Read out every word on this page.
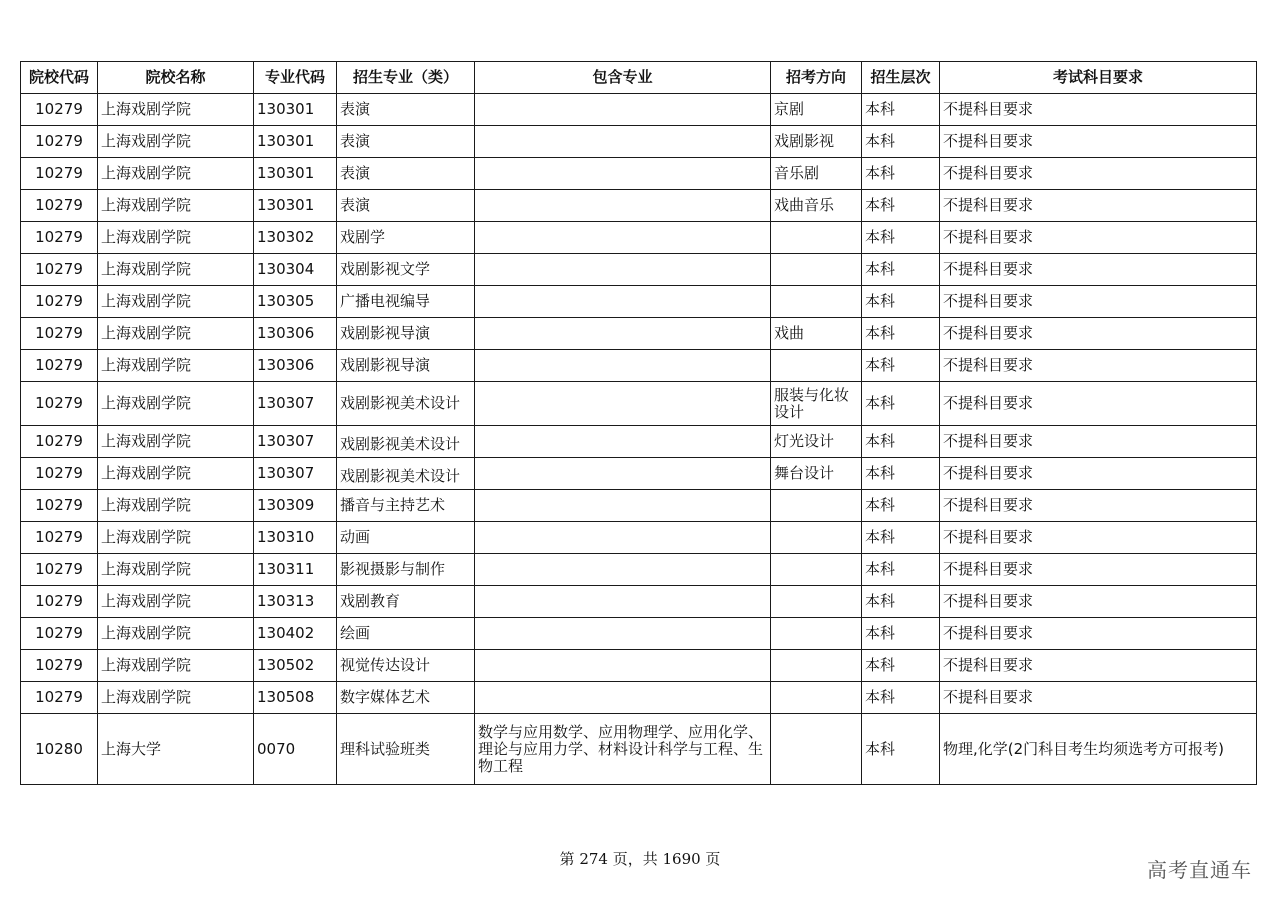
院校代码	院校名称	专业代码	招生专业（类）	包含专业	招考方向	招生层次	考试科目要求
10279	上海戏剧学院	130301	表演		京剧	本科	不提科目要求
10279	上海戏剧学院	130301	表演		戏剧影视	本科	不提科目要求
10279	上海戏剧学院	130301	表演		音乐剧	本科	不提科目要求
10279	上海戏剧学院	130301	表演		戏曲音乐	本科	不提科目要求
10279	上海戏剧学院	130302	戏剧学			本科	不提科目要求
10279	上海戏剧学院	130304	戏剧影视文学			本科	不提科目要求
10279	上海戏剧学院	130305	广播电视编导			本科	不提科目要求
10279	上海戏剧学院	130306	戏剧影视导演		戏曲	本科	不提科目要求
10279	上海戏剧学院	130306	戏剧影视导演			本科	不提科目要求
10279	上海戏剧学院	130307	戏剧影视美术设计		服装与化妆设计	本科	不提科目要求
10279	上海戏剧学院	130307	戏剧影视美术设计		灯光设计	本科	不提科目要求
10279	上海戏剧学院	130307	戏剧影视美术设计		舞台设计	本科	不提科目要求
10279	上海戏剧学院	130309	播音与主持艺术			本科	不提科目要求
10279	上海戏剧学院	130310	动画			本科	不提科目要求
10279	上海戏剧学院	130311	影视摄影与制作			本科	不提科目要求
10279	上海戏剧学院	130313	戏剧教育			本科	不提科目要求
10279	上海戏剧学院	130402	绘画			本科	不提科目要求
10279	上海戏剧学院	130502	视觉传达设计			本科	不提科目要求
10279	上海戏剧学院	130508	数字媒体艺术			本科	不提科目要求
10280	上海大学	0070	理科试验班类	数学与应用数学、应用物理学、应用化学、理论与应用力学、材料设计科学与工程、生物工程		本科	物理,化学(2门科目考生均须选考方可报考)
第 274 页，共 1690 页	高考直通车
